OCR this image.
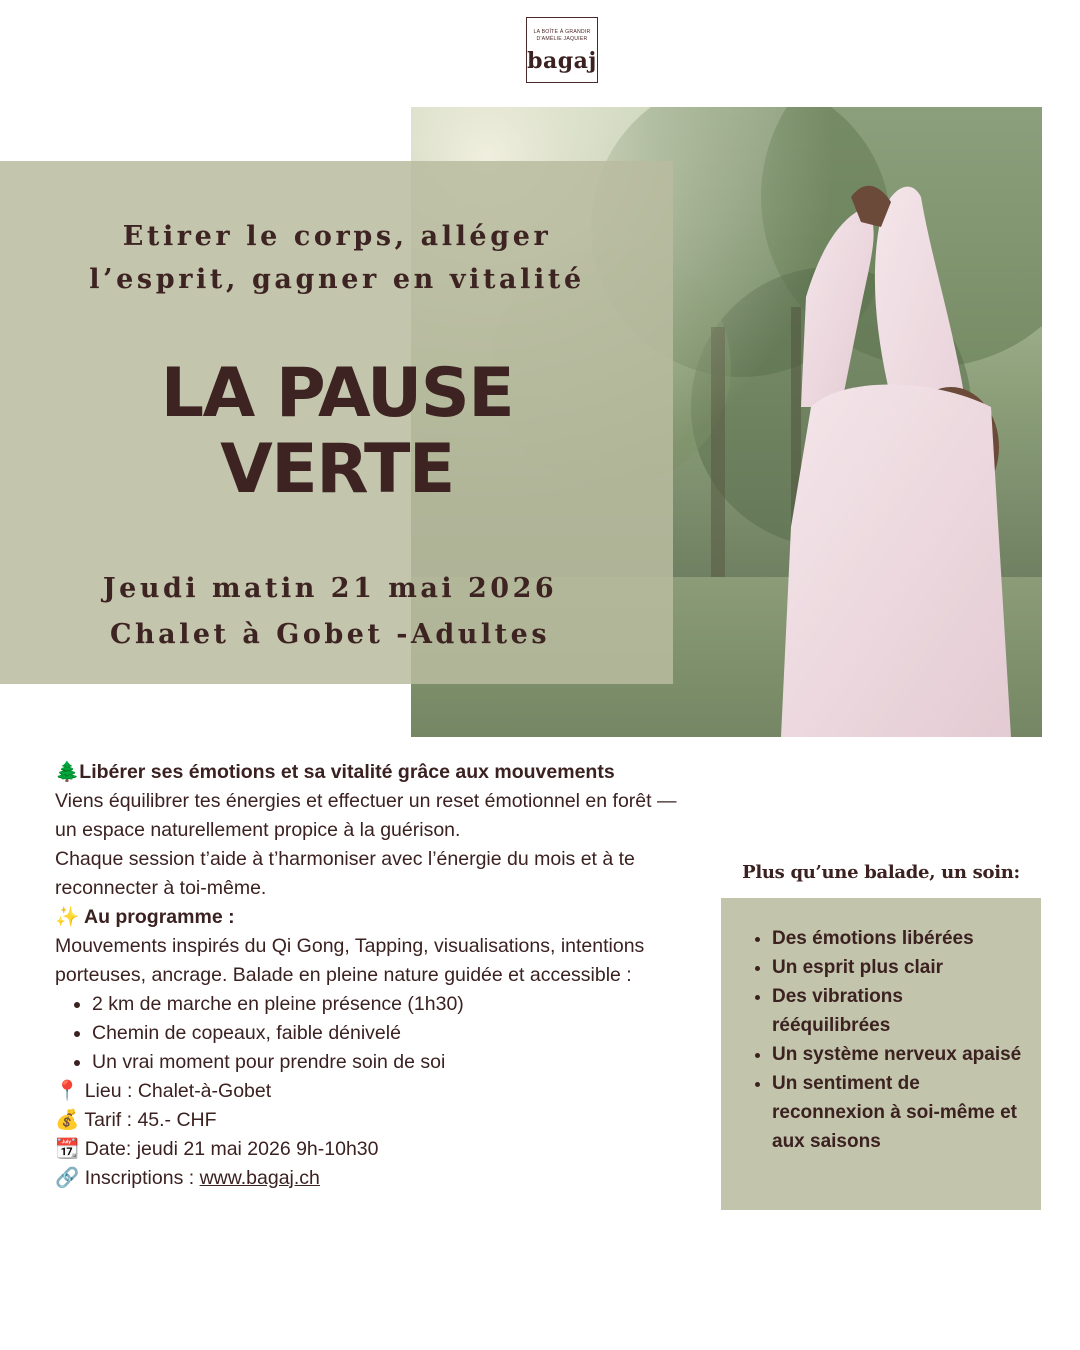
LA BOÎTE À GRANDIR
D'AMÉLIE JAQUIER
bagaj
Etirer le corps, alléger
l’esprit, gagner en vitalité
LA PAUSE
VERTE
Jeudi matin 21 mai 2026
Chalet à Gobet -Adultes

🌲Libérer ses émotions et sa vitalité grâce aux mouvements

Viens équilibrer tes énergies et effectuer un reset émotionnel en forêt — un espace naturellement propice à la guérison.

Chaque session t’aide à t’harmoniser avec l’énergie du mois et à te reconnecter à toi-même.

✨ Au programme :

Mouvements inspirés du Qi Gong, Tapping, visualisations, intentions porteuses, ancrage. Balade en pleine nature guidée et accessible :

• 2 km de marche en pleine présence (1h30)
• Chemin de copeaux, faible dénivelé
• Un vrai moment pour prendre soin de soi

📍 Lieu : Chalet-à-Gobet

💰 Tarif : 45.- CHF

📆 Date: jeudi 21 mai 2026 9h-10h30

🔗 Inscriptions : www.bagaj.ch

Plus qu’une balade, un soin:
• Des émotions libérées
• Un esprit plus clair
• Des vibrations rééquilibrées
• Un système nerveux apaisé
• Un sentiment de reconnexion à soi-même et aux saisons
